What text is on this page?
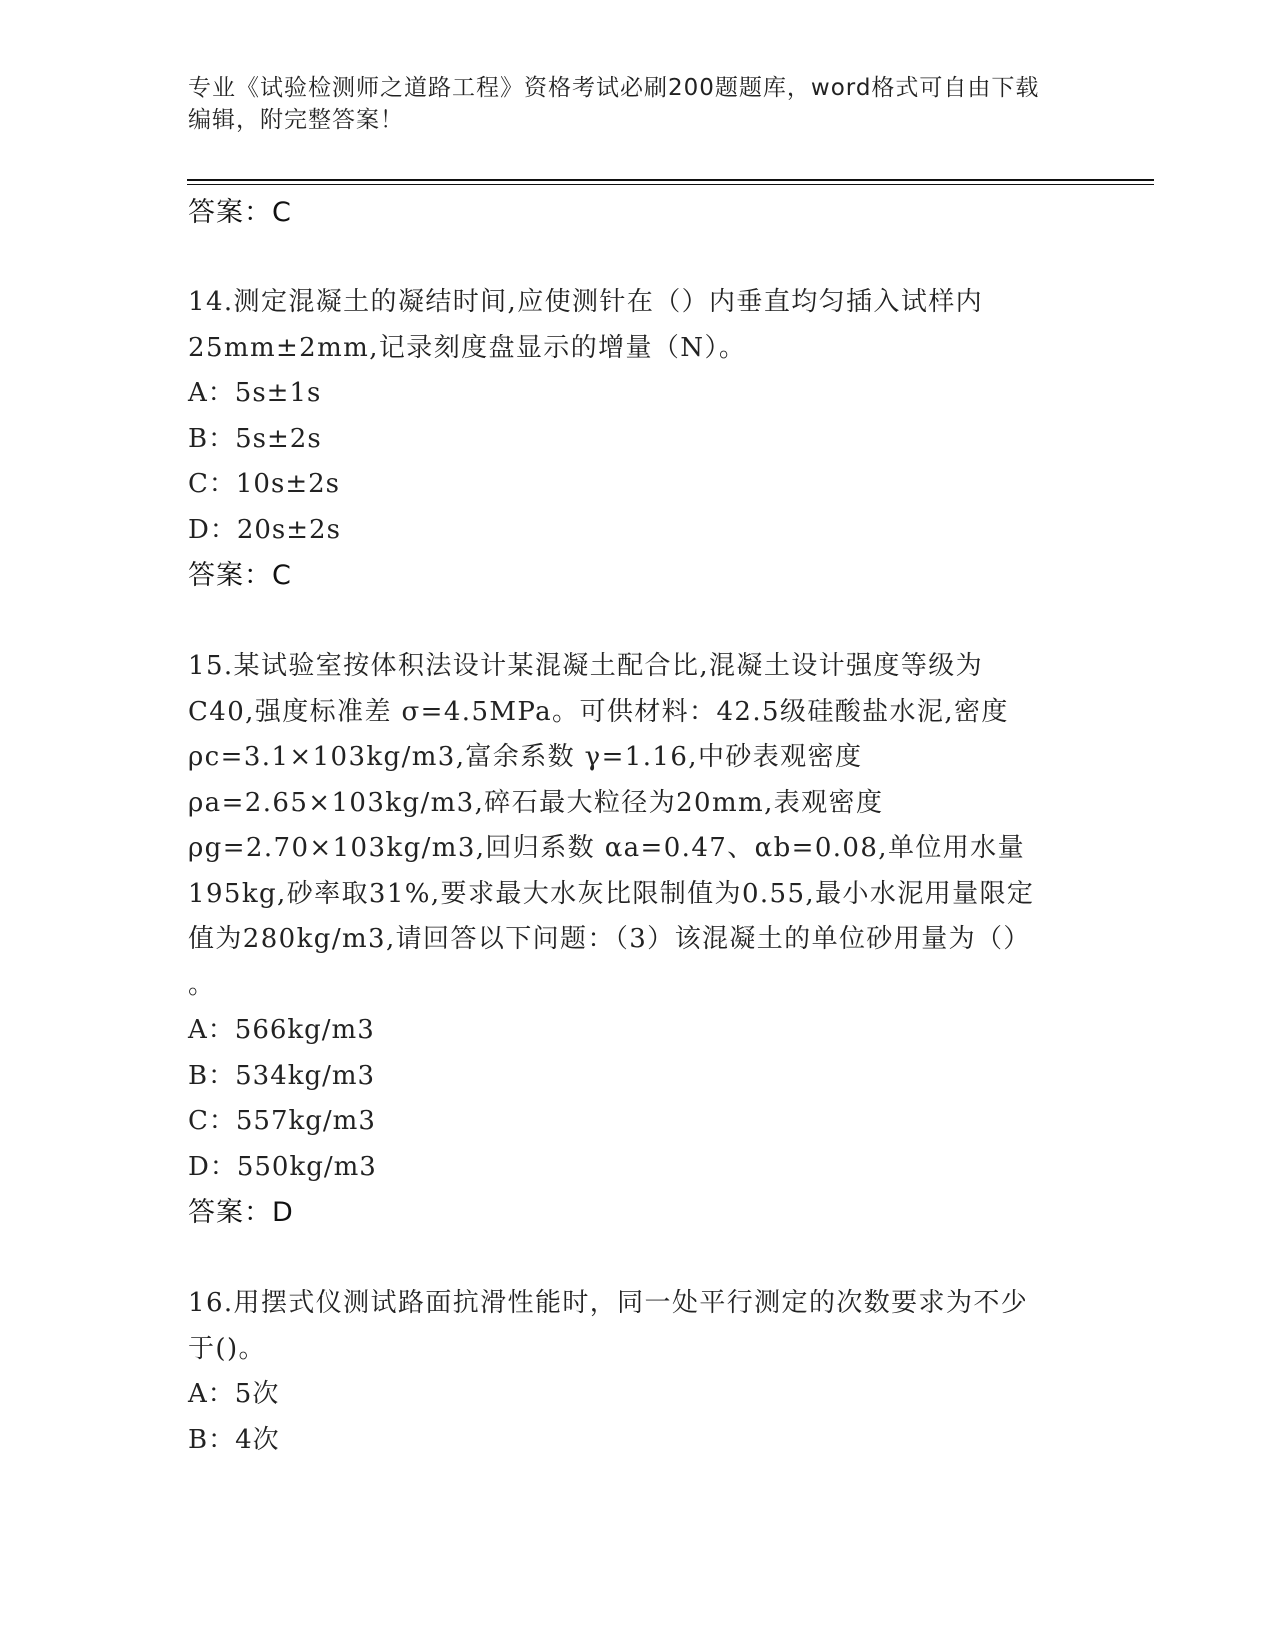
专业《试验检测师之道路工程》资格考试必刷200题题库，word格式可自由下载
编辑，附完整答案！
答案：C
14.测定混凝土的凝结时间,应使测针在（）内垂直均匀插入试样内
25mm±2mm,记录刻度盘显示的增量（N）。
A：5s±1s
B：5s±2s
C：10s±2s
D：20s±2s
答案：C
15.某试验室按体积法设计某混凝土配合比,混凝土设计强度等级为
C40,强度标准差 σ=4.5MPa。可供材料：42.5级硅酸盐水泥,密度
ρc=3.1×103kg/m3,富余系数 γ=1.16,中砂表观密度
ρa=2.65×103kg/m3,碎石最大粒径为20mm,表观密度
ρg=2.70×103kg/m3,回归系数 αa=0.47、αb=0.08,单位用水量
195kg,砂率取31%,要求最大水灰比限制值为0.55,最小水泥用量限定
值为280kg/m3,请回答以下问题：（3）该混凝土的单位砂用量为（）
。
A：566kg/m3
B：534kg/m3
C：557kg/m3
D：550kg/m3
答案：D
16.用摆式仪测试路面抗滑性能时，同一处平行测定的次数要求为不少
于()。
A：5次
B：4次
